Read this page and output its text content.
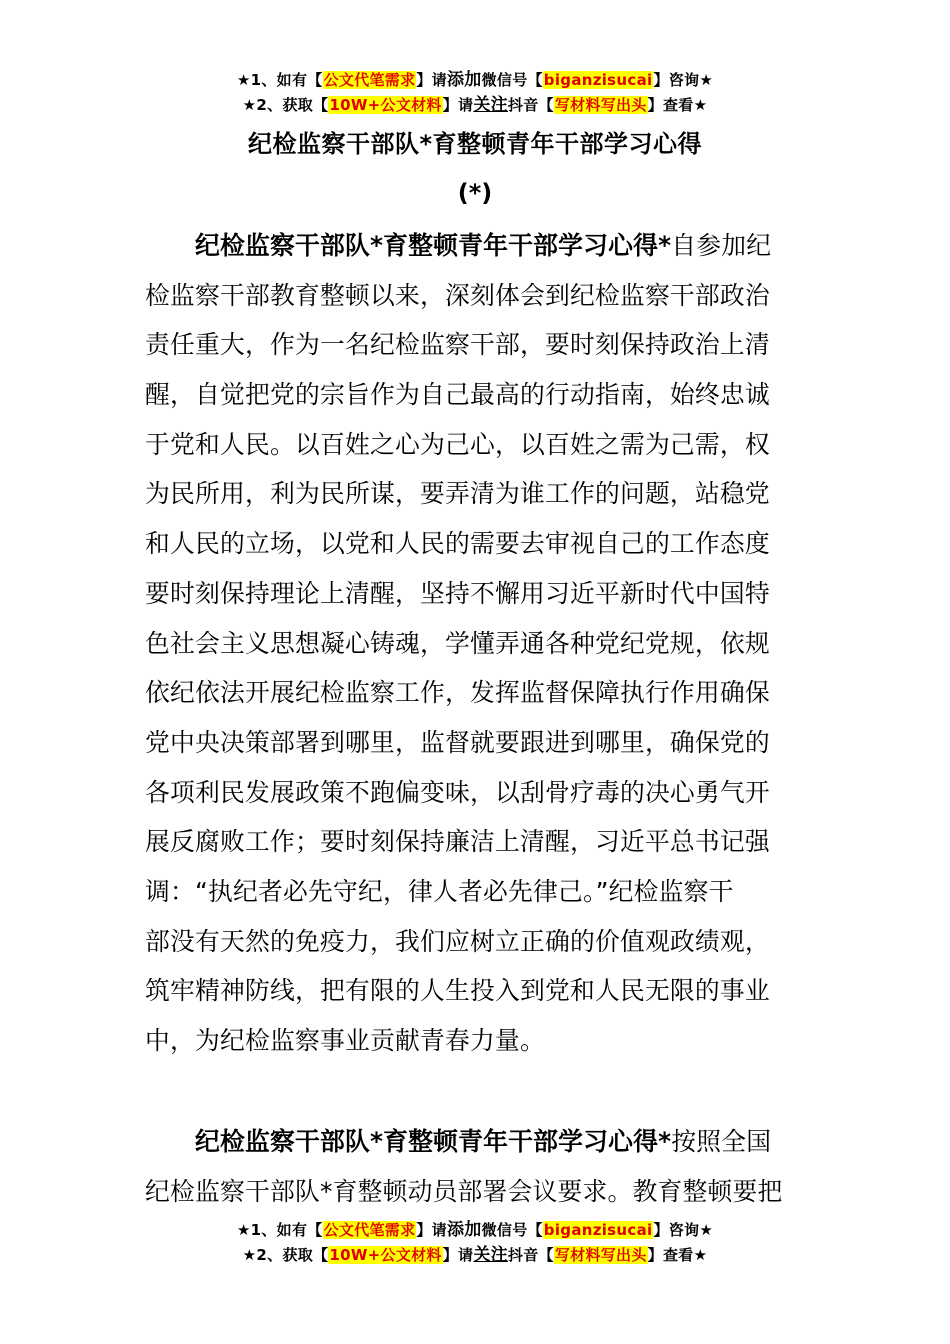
★1、如有【公文代笔需求】请添加微信号【biganzisucai】咨询★
★2、获取【10W+公文材料】请关注抖音【写材料写出头】查看★
纪检监察干部队*育整顿青年干部学习心得
(*)
纪检监察干部队*育整顿青年干部学习心得*自参加纪
检监察干部教育整顿以来，深刻体会到纪检监察干部政治
责任重大，作为一名纪检监察干部，要时刻保持政治上清
醒，自觉把党的宗旨作为自己最高的行动指南，始终忠诚
于党和人民。以百姓之心为己心，以百姓之需为己需，权
为民所用，利为民所谋，要弄清为谁工作的问题，站稳党
和人民的立场，以党和人民的需要去审视自己的工作态度
要时刻保持理论上清醒，坚持不懈用习近平新时代中国特
色社会主义思想凝心铸魂，学懂弄通各种党纪党规，依规
依纪依法开展纪检监察工作，发挥监督保障执行作用确保
党中央决策部署到哪里，监督就要跟进到哪里，确保党的
各项利民发展政策不跑偏变味，以刮骨疗毒的决心勇气开
展反腐败工作；要时刻保持廉洁上清醒，习近平总书记强
调：“执纪者必先守纪，律人者必先律己。”纪检监察干
部没有天然的免疫力，我们应树立正确的价值观政绩观，
筑牢精神防线，把有限的人生投入到党和人民无限的事业
中，为纪检监察事业贡献青春力量。
纪检监察干部队*育整顿青年干部学习心得*按照全国
纪检监察干部队*育整顿动员部署会议要求。教育整顿要把
★1、如有【公文代笔需求】请添加微信号【biganzisucai】咨询★
★2、获取【10W+公文材料】请关注抖音【写材料写出头】查看★
